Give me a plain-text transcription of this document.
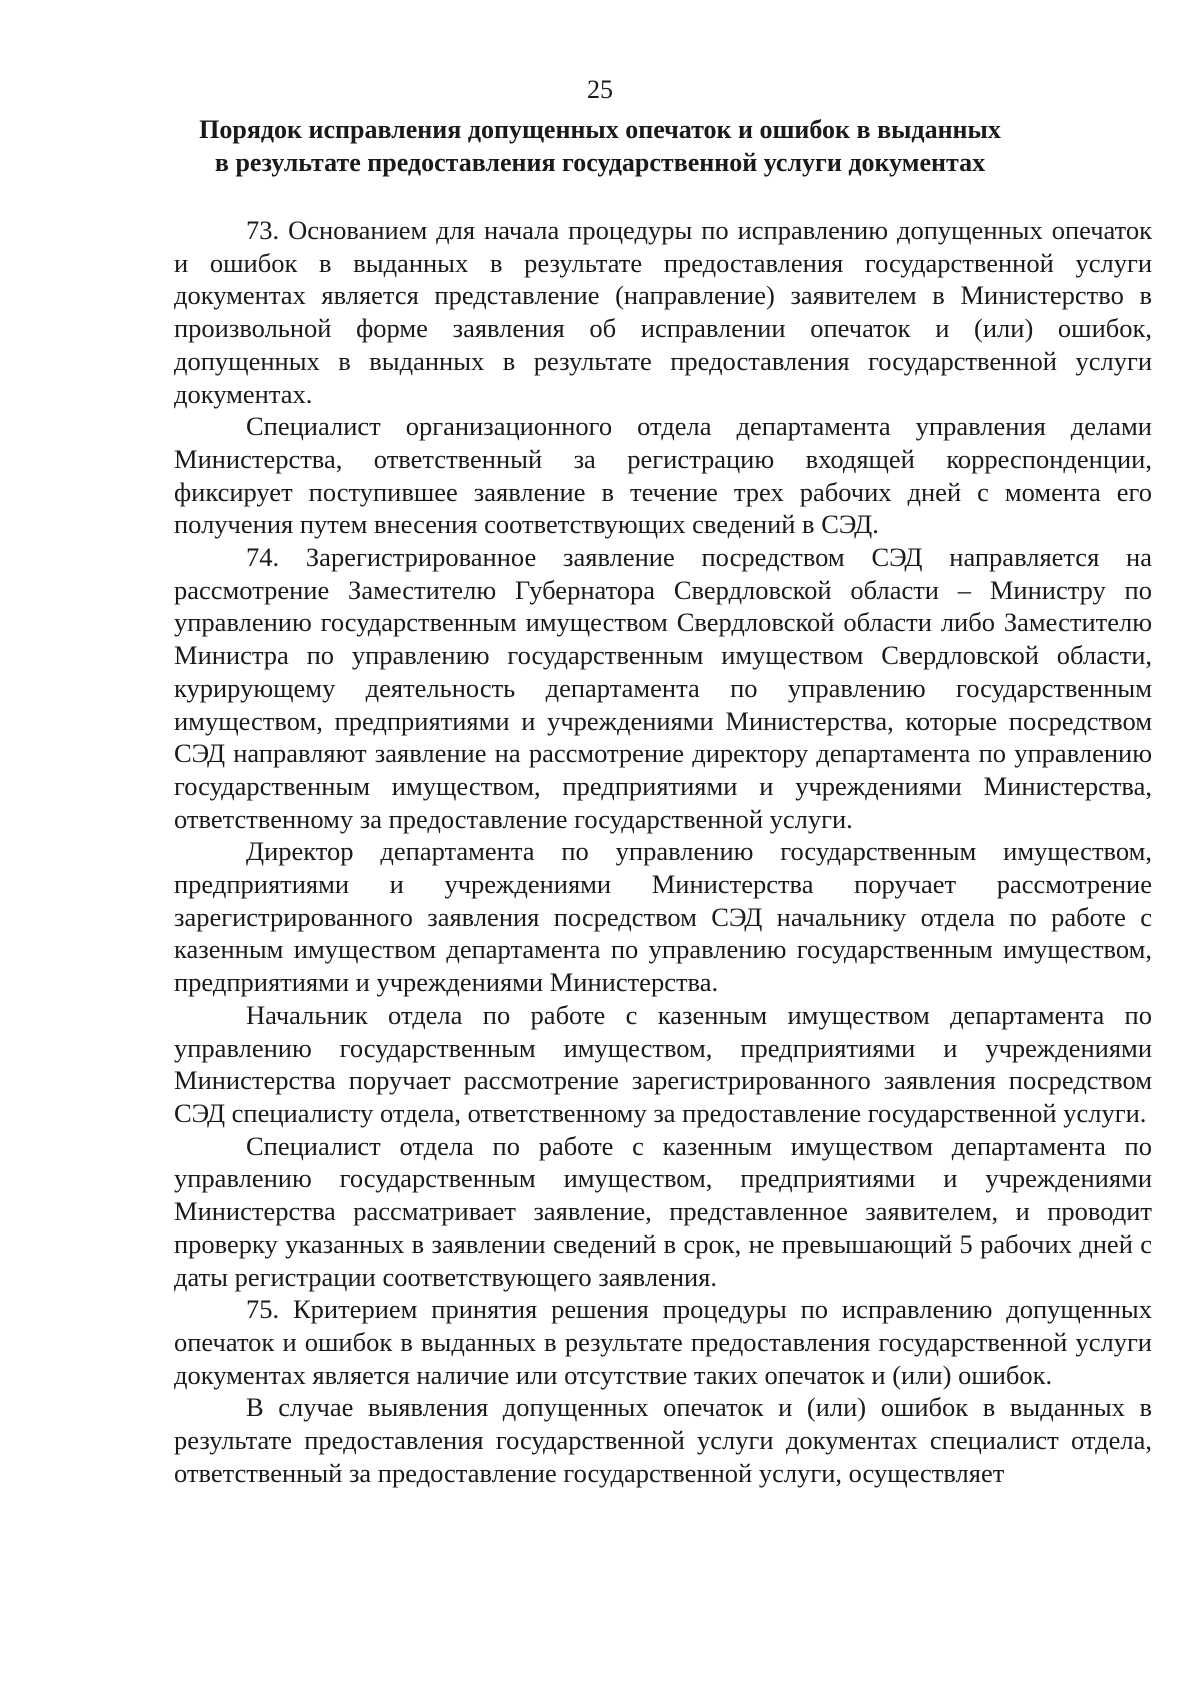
25
Порядок исправления допущенных опечаток и ошибок в выданных
в результате предоставления государственной услуги документах

73. Основанием для начала процедуры по исправлению допущенных опечаток и ошибок в выданных в результате предоставления государственной услуги документах является представление (направление) заявителем в Министерство в произвольной форме заявления об исправлении опечаток и (или) ошибок, допущенных в выданных в результате предоставления государственной услуги документах.

Специалист организационного отдела департамента управления делами Министерства, ответственный за регистрацию входящей корреспонденции, фиксирует поступившее заявление в течение трех рабочих дней с момента его получения путем внесения соответствующих сведений в СЭД.

74. Зарегистрированное заявление посредством СЭД направляется на рассмотрение Заместителю Губернатора Свердловской области – Министру по управлению государственным имуществом Свердловской области либо Заместителю Министра по управлению государственным имуществом Свердловской области, курирующему деятельность департамента по управлению государственным имуществом, предприятиями и учреждениями Министерства, которые посредством СЭД направляют заявление на рассмотрение директору департамента по управлению государственным имуществом, предприятиями и учреждениями Министерства, ответственному за предоставление государственной услуги.

Директор департамента по управлению государственным имуществом, предприятиями и учреждениями Министерства поручает рассмотрение зарегистрированного заявления посредством СЭД начальнику отдела по работе с казенным имуществом департамента по управлению государственным имуществом, предприятиями и учреждениями Министерства.

Начальник отдела по работе с казенным имуществом департамента по управлению государственным имуществом, предприятиями и учреждениями Министерства поручает рассмотрение зарегистрированного заявления посредством СЭД специалисту отдела, ответственному за предоставление государственной услуги.

Специалист отдела по работе с казенным имуществом департамента по управлению государственным имуществом, предприятиями и учреждениями Министерства рассматривает заявление, представленное заявителем, и проводит проверку указанных в заявлении сведений в срок, не превышающий 5 рабочих дней с даты регистрации соответствующего заявления.

75. Критерием принятия решения процедуры по исправлению допущенных опечаток и ошибок в выданных в результате предоставления государственной услуги документах является наличие или отсутствие таких опечаток и (или) ошибок.

В случае выявления допущенных опечаток и (или) ошибок в выданных в результате предоставления государственной услуги документах специалист отдела, ответственный за предоставление государственной услуги, осуществляет
